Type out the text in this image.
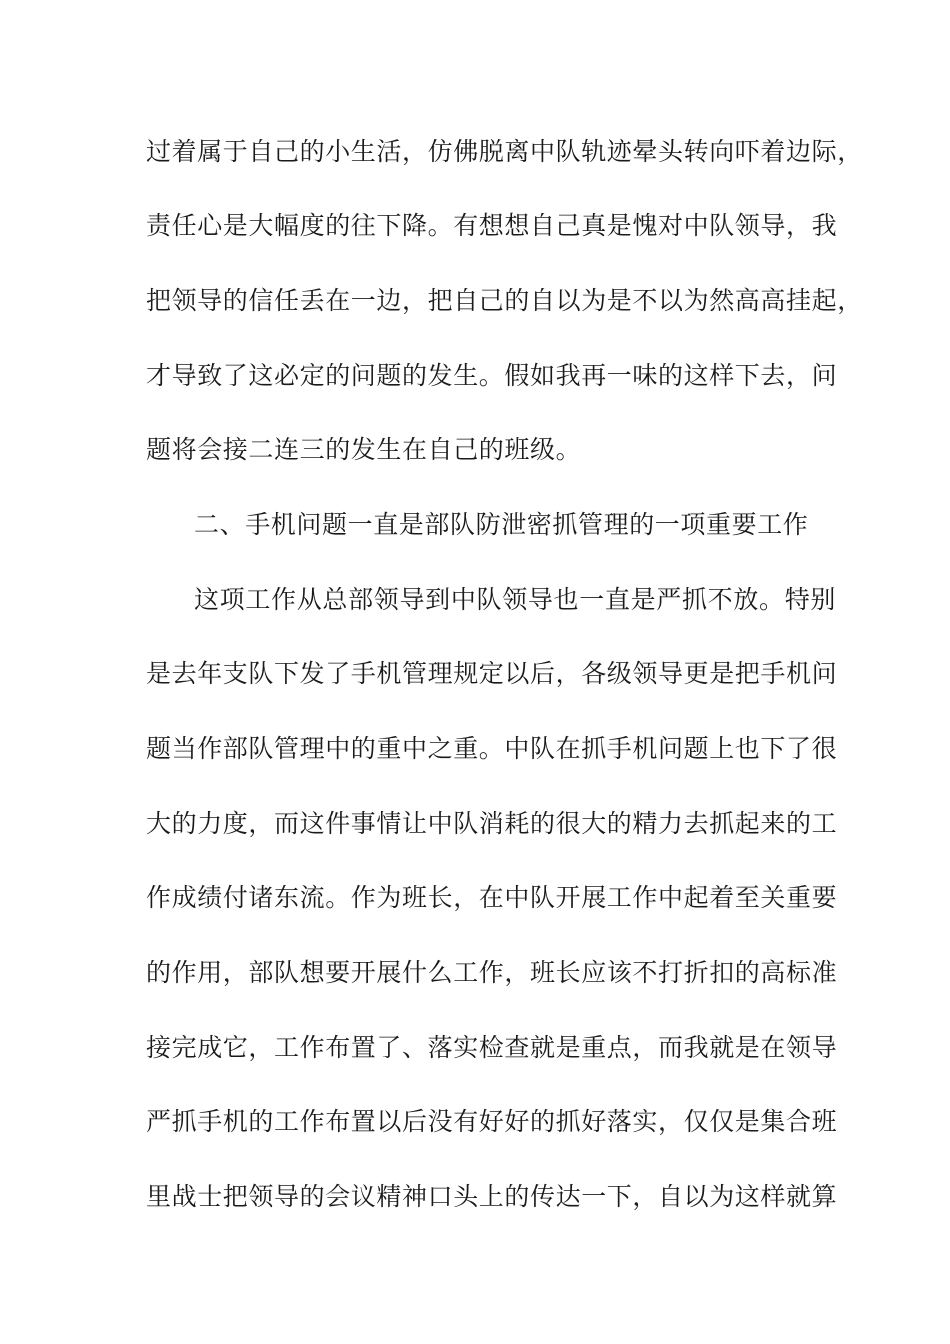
过着属于自己的小生活，仿佛脱离中队轨迹晕头转向吓着边际，
责任心是大幅度的往下降。有想想自己真是愧对中队领导，我
把领导的信任丢在一边，把自己的自以为是不以为然高高挂起，
才导致了这必定的问题的发生。假如我再一味的这样下去，问
题将会接二连三的发生在自己的班级。
二、手机问题一直是部队防泄密抓管理的一项重要工作
这项工作从总部领导到中队领导也一直是严抓不放。特别
是去年支队下发了手机管理规定以后，各级领导更是把手机问
题当作部队管理中的重中之重。中队在抓手机问题上也下了很
大的力度，而这件事情让中队消耗的很大的精力去抓起来的工
作成绩付诸东流。作为班长，在中队开展工作中起着至关重要
的作用，部队想要开展什么工作，班长应该不打折扣的高标准
接完成它，工作布置了、落实检查就是重点，而我就是在领导
严抓手机的工作布置以后没有好好的抓好落实，仅仅是集合班
里战士把领导的会议精神口头上的传达一下，自以为这样就算
